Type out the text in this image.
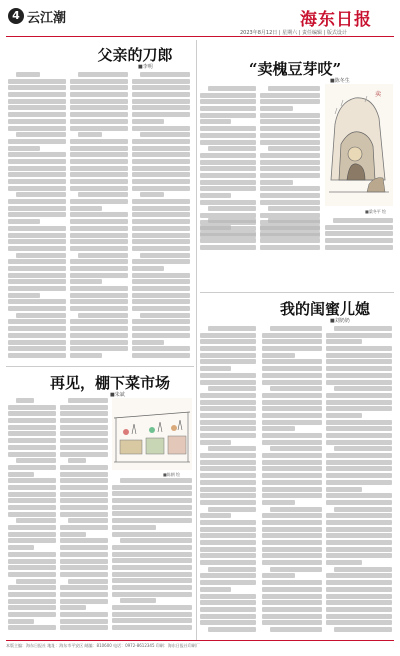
4 云江潮	海东日报
2023年8月12日 | 星期六 | 责任编辑 | 版式设计
父亲的刀郎
■李明	“卖槐豆芽哎”
■陈冬生
卖
■梁冬平 绘
我的闺蜜儿媳
■刘奶奶
再见，棚下菜市场
■朱斌
■陈朝 绘
本版主编：海东日报社 地址：海东市平安区 邮编：810600 电话：0972-8612345 印刷：海东日报社印刷厂
